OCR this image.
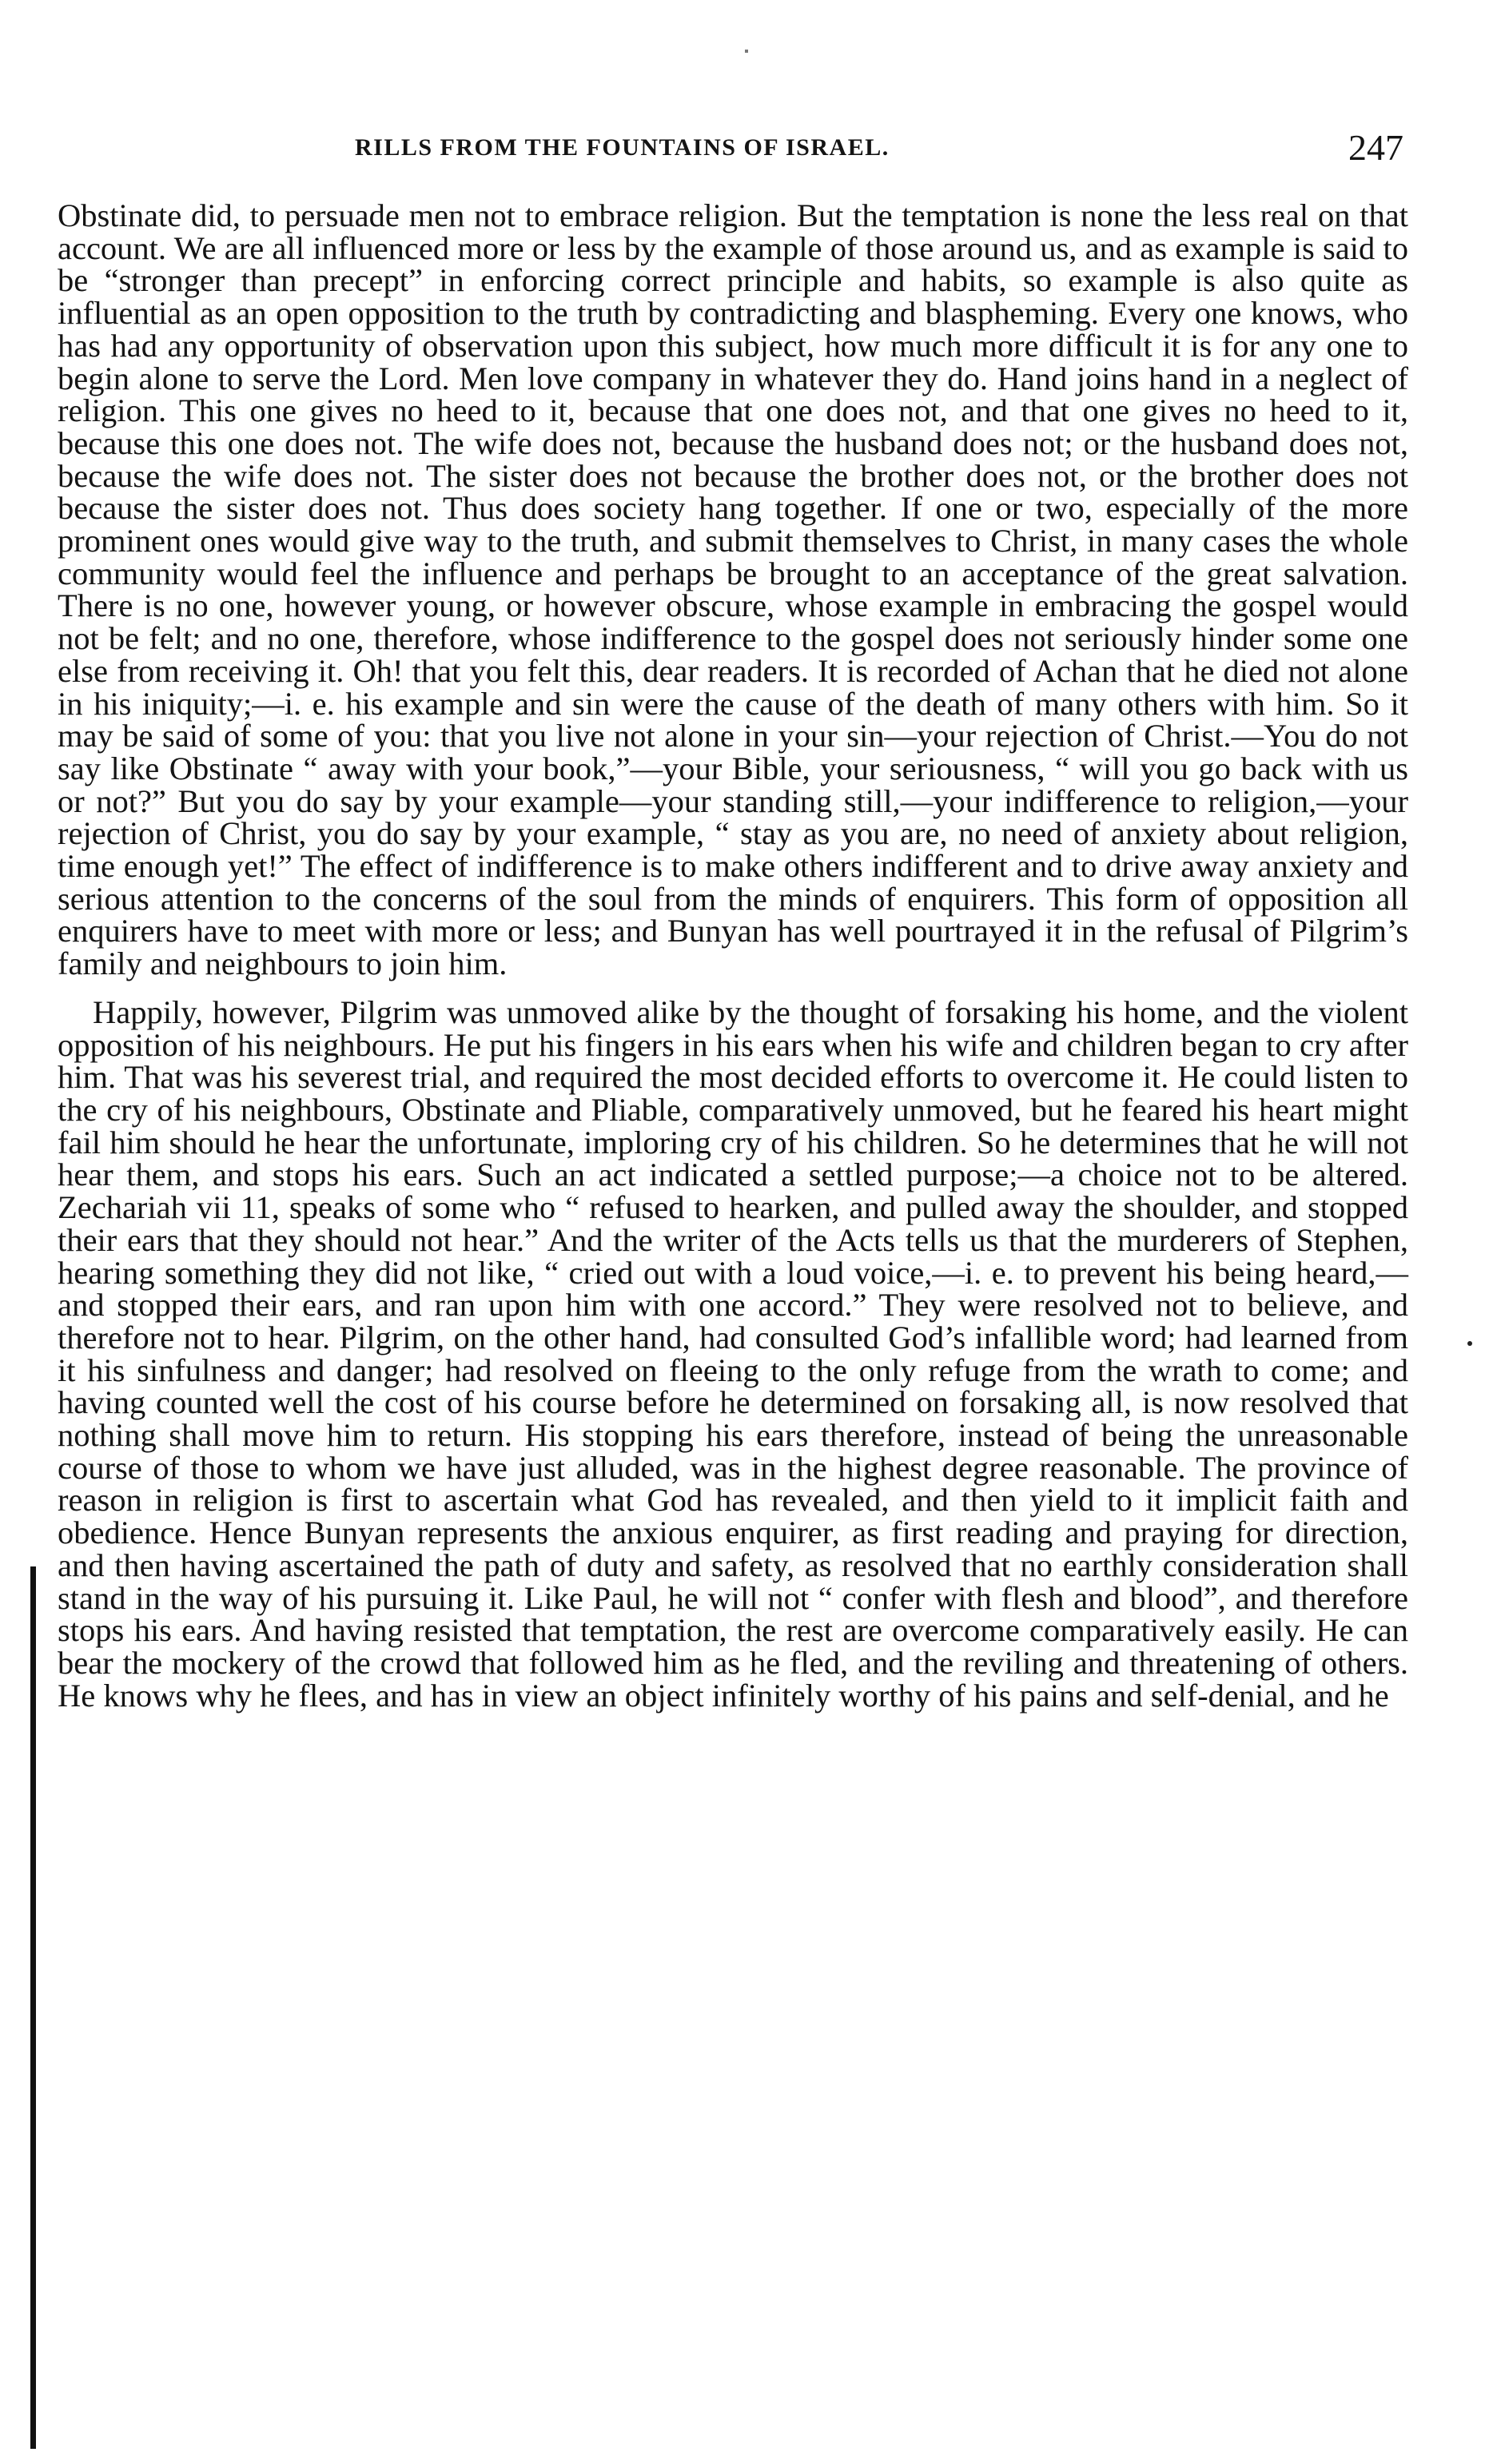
RILLS FROM THE FOUNTAINS OF ISRAEL.	247

Obstinate did, to persuade men not to embrace religion. But the temptation is none the less real on that account. We are all influenced more or less by the example of those around us, and as example is said to be “stronger than precept” in enforcing correct principle and habits, so example is also quite as influential as an open opposition to the truth by contradicting and blaspheming. Every one knows, who has had any opportunity of observation upon this subject, how much more difficult it is for any one to begin alone to serve the Lord. Men love company in whatever they do. Hand joins hand in a neglect of religion. This one gives no heed to it, because that one does not, and that one gives no heed to it, because this one does not. The wife does not, because the husband does not; or the husband does not, because the wife does not. The sister does not because the brother does not, or the brother does not because the sister does not. Thus does society hang together. If one or two, especially of the more prominent ones would give way to the truth, and submit themselves to Christ, in many cases the whole community would feel the influence and perhaps be brought to an acceptance of the great salvation. There is no one, however young, or however obscure, whose example in embracing the gospel would not be felt; and no one, therefore, whose indifference to the gospel does not seriously hinder some one else from receiving it. Oh! that you felt this, dear readers. It is recorded of Achan that he died not alone in his iniquity;—i. e. his example and sin were the cause of the death of many others with him. So it may be said of some of you: that you live not alone in your sin—your rejection of Christ.—You do not say like Obstinate “ away with your book,”—your Bible, your seriousness, “ will you go back with us or not?” But you do say by your example—your standing still,—your indifference to religion,—your rejection of Christ, you do say by your example, “ stay as you are, no need of anxiety about religion, time enough yet!” The effect of indifference is to make others indifferent and to drive away anxiety and serious attention to the concerns of the soul from the minds of enquirers. This form of opposition all enquirers have to meet with more or less; and Bunyan has well pourtrayed it in the refusal of Pilgrim’s family and neighbours to join him.

Happily, however, Pilgrim was unmoved alike by the thought of forsaking his home, and the violent opposition of his neighbours. He put his fingers in his ears when his wife and children began to cry after him. That was his severest trial, and required the most decided efforts to overcome it. He could listen to the cry of his neighbours, Obstinate and Pliable, comparatively unmoved, but he feared his heart might fail him should he hear the unfortunate, imploring cry of his children. So he determines that he will not hear them, and stops his ears. Such an act indicated a settled purpose;—a choice not to be altered. Zechariah vii 11, speaks of some who “ refused to hearken, and pulled away the shoulder, and stopped their ears that they should not hear.” And the writer of the Acts tells us that the murderers of Stephen, hearing something they did not like, “ cried out with a loud voice,—i. e. to prevent his being heard,—and stopped their ears, and ran upon him with one accord.” They were resolved not to believe, and therefore not to hear. Pilgrim, on the other hand, had consulted God’s infallible word; had learned from it his sinfulness and danger; had resolved on fleeing to the only refuge from the wrath to come; and having counted well the cost of his course before he determined on forsaking all, is now resolved that nothing shall move him to return. His stopping his ears therefore, instead of being the unreasonable course of those to whom we have just alluded, was in the highest degree reasonable. The province of reason in religion is first to ascertain what God has revealed, and then yield to it implicit faith and obedience. Hence Bunyan represents the anxious enquirer, as first reading and praying for direction, and then having ascertained the path of duty and safety, as resolved that no earthly consideration shall stand in the way of his pursuing it. Like Paul, he will not “ confer with flesh and blood”, and therefore stops his ears. And having resisted that temptation, the rest are overcome comparatively easily. He can bear the mockery of the crowd that followed him as he fled, and the reviling and threatening of others. He knows why he flees, and has in view an object infinitely worthy of his pains and self-denial, and he
